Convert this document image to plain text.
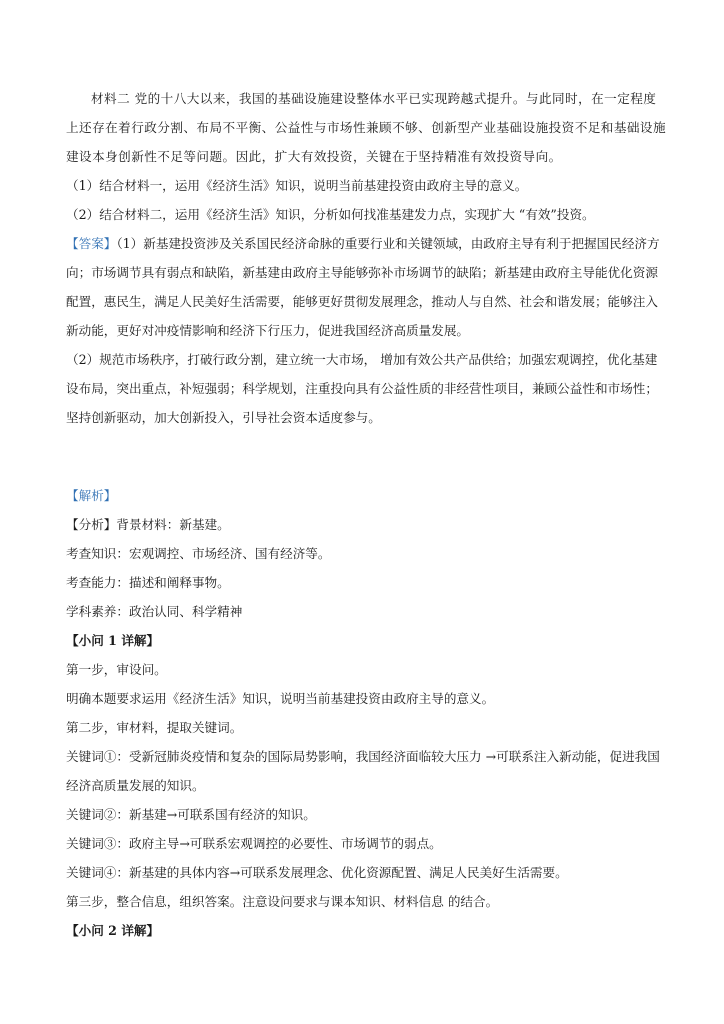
材料二 党的十八大以来，我国的基础设施建设整体水平已实现跨越式提升。与此同时，在一定程度上还存在着行政分割、布局不平衡、公益性与市场性兼顾不够、创新型产业基础设施投资不足和基础设施建设本身创新性不足等问题。因此，扩大有效投资，关键在于坚持精准有效投资导向。

（1）结合材料一，运用《经济生活》知识，说明当前基建投资由政府主导的意义。

（2）结合材料二，运用《经济生活》知识，分析如何找准基建发力点，实现扩大 “有效”投资。

【答案】（1）新基建投资涉及关系国民经济命脉的重要行业和关键领域，由政府主导有利于把握国民经济方向；市场调节具有弱点和缺陷，新基建由政府主导能够弥补市场调节的缺陷；新基建由政府主导能优化资源配置，惠民生，满足人民美好生活需要，能够更好贯彻发展理念，推动人与自然、社会和谐发展；能够注入新动能，更好对冲疫情影响和经济下行压力，促进我国经济高质量发展。

（2）规范市场秩序，打破行政分割，建立统一大市场， 增加有效公共产品供给；加强宏观调控，优化基建设布局，突出重点，补短强弱；科学规划，注重投向具有公益性质的非经营性项目，兼顾公益性和市场性；坚持创新驱动，加大创新投入，引导社会资本适度参与。

【解析】

【分析】背景材料：新基建。

考查知识：宏观调控、市场经济、国有经济等。

考查能力：描述和阐释事物。

学科素养：政治认同、科学精神

【小问 1 详解】

第一步，审设问。

明确本题要求运用《经济生活》知识，说明当前基建投资由政府主导的意义。

第二步，审材料，提取关键词。

关键词①：受新冠肺炎疫情和复杂的国际局势影响，我国经济面临较大压力 →可联系注入新动能，促进我国经济高质量发展的知识。

关键词②：新基建→可联系国有经济的知识。

关键词③：政府主导→可联系宏观调控的必要性、市场调节的弱点。

关键词④：新基建的具体内容→可联系发展理念、优化资源配置、满足人民美好生活需要。

第三步，整合信息，组织答案。注意设问要求与课本知识、材料信息 的结合。

【小问 2 详解】
